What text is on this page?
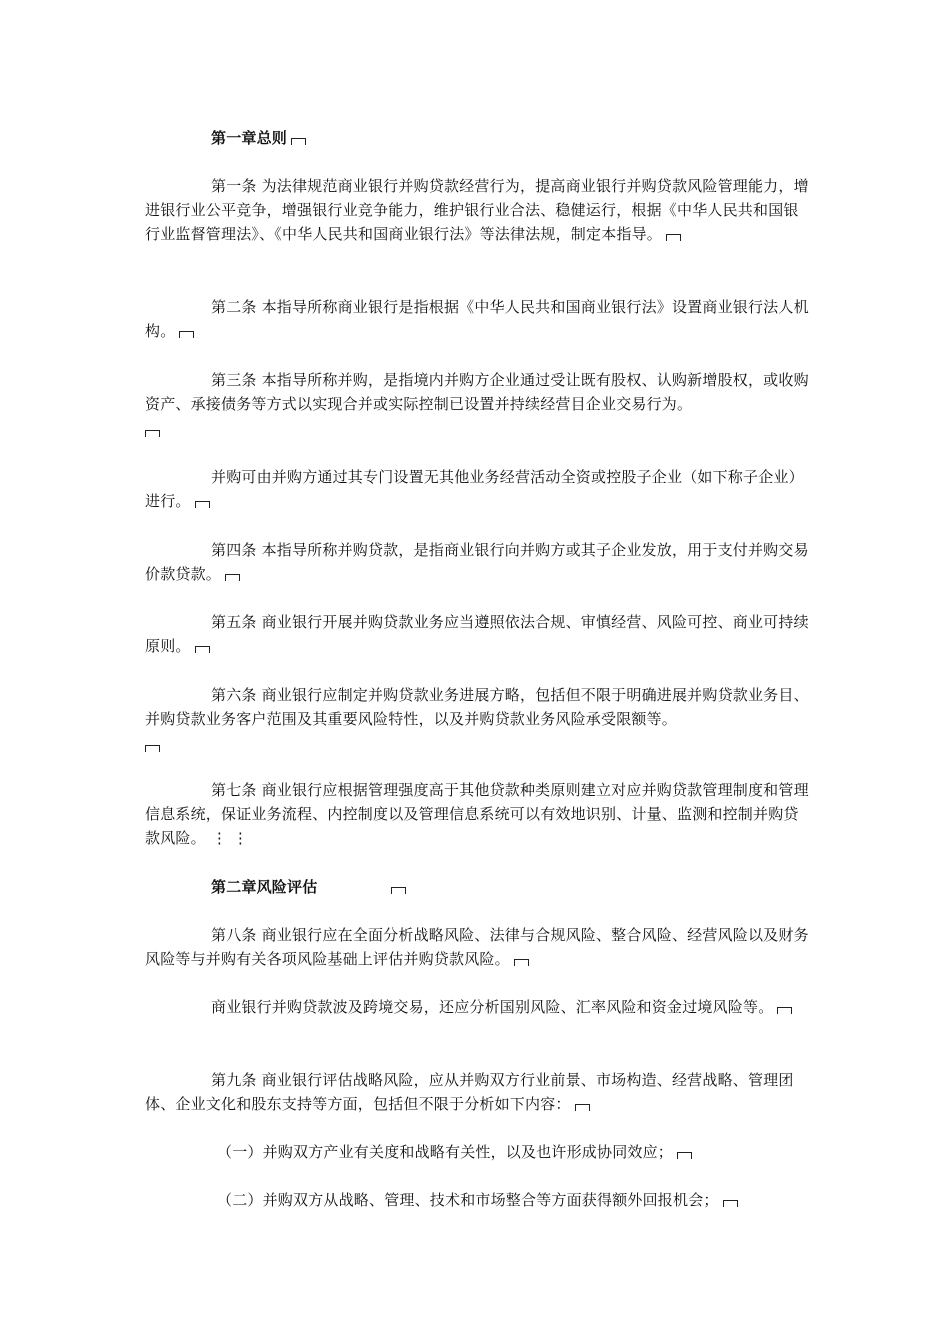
第一章总则

第一条 为法律规范商业银行并购贷款经营行为，提高商业银行并购贷款风险管理能力，增进银行业公平竞争，增强银行业竞争能力，维护银行业合法、稳健运行，根据《中华人民共和国银行业监督管理法》、《中华人民共和国商业银行法》等法律法规，制定本指导。

第二条 本指导所称商业银行是指根据《中华人民共和国商业银行法》设置商业银行法人机构。

第三条 本指导所称并购，是指境内并购方企业通过受让既有股权、认购新增股权，或收购资产、承接债务等方式以实现合并或实际控制已设置并持续经营目企业交易行为。

并购可由并购方通过其专门设置无其他业务经营活动全资或控股子企业（如下称子企业）进行。

第四条 本指导所称并购贷款，是指商业银行向并购方或其子企业发放，用于支付并购交易价款贷款。

第五条 商业银行开展并购贷款业务应当遵照依法合规、审慎经营、风险可控、商业可持续原则。

第六条 商业银行应制定并购贷款业务进展方略，包括但不限于明确进展并购贷款业务目、并购贷款业务客户范围及其重要风险特性，以及并购贷款业务风险承受限额等。

第七条 商业银行应根据管理强度高于其他贷款种类原则建立对应并购贷款管理制度和管理信息系统，保证业务流程、内控制度以及管理信息系统可以有效地识别、计量、监测和控制并购贷款风险。 ⋮⋮

第二章风险评估

第八条 商业银行应在全面分析战略风险、法律与合规风险、整合风险、经营风险以及财务风险等与并购有关各项风险基础上评估并购贷款风险。

商业银行并购贷款波及跨境交易，还应分析国别风险、汇率风险和资金过境风险等。

第九条 商业银行评估战略风险，应从并购双方行业前景、市场构造、经营战略、管理团体、企业文化和股东支持等方面，包括但不限于分析如下内容：

（一）并购双方产业有关度和战略有关性，以及也许形成协同效应；

（二）并购双方从战略、管理、技术和市场整合等方面获得额外回报机会；
